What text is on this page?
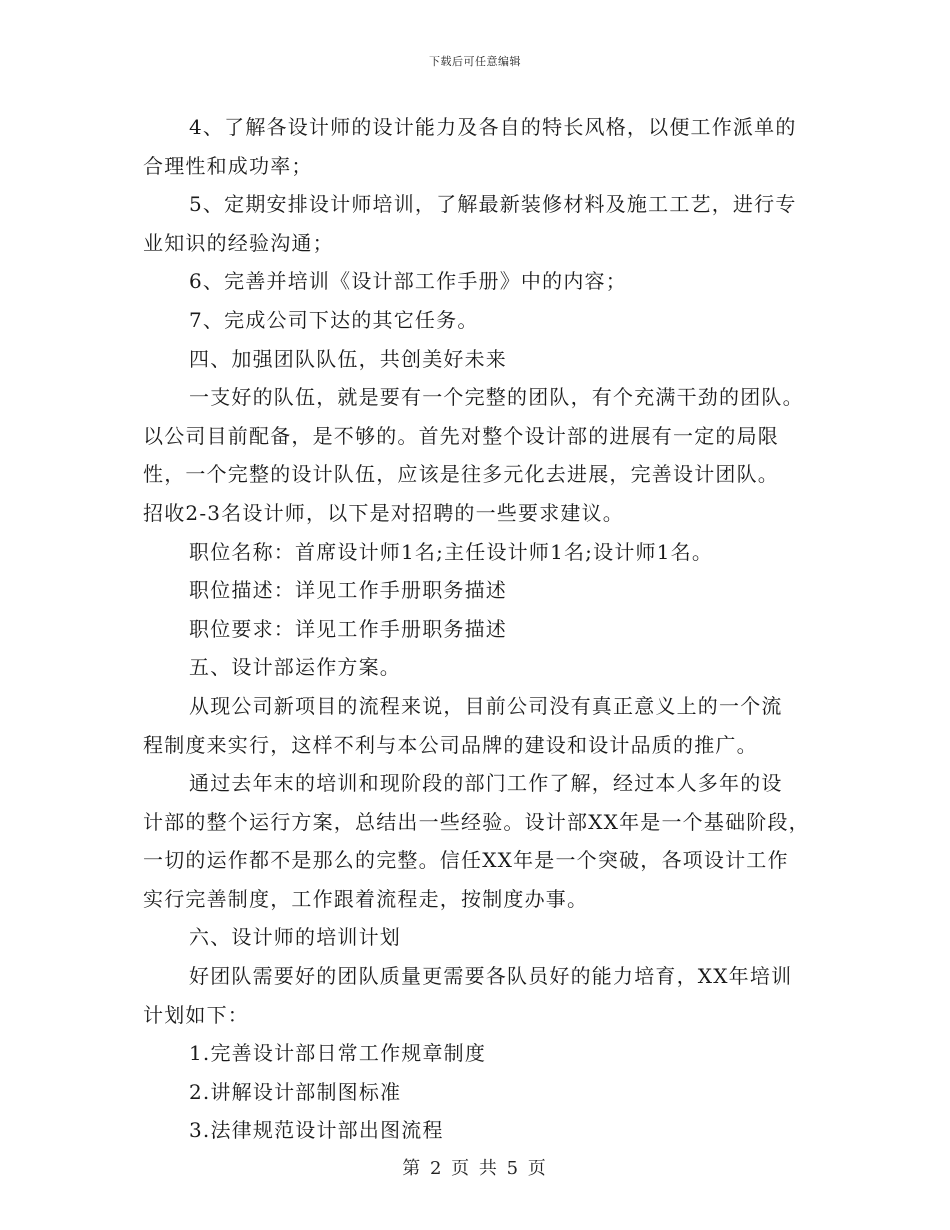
下载后可任意编辑

4、了解各设计师的设计能力及各自的特长风格，以便工作派单的

合理性和成功率；

5、定期安排设计师培训，了解最新装修材料及施工工艺，进行专

业知识的经验沟通；

6、完善并培训《设计部工作手册》中的内容；

7、完成公司下达的其它任务。

四、加强团队队伍，共创美好未来

一支好的队伍，就是要有一个完整的团队，有个充满干劲的团队。

以公司目前配备，是不够的。首先对整个设计部的进展有一定的局限

性，一个完整的设计队伍，应该是往多元化去进展，完善设计团队。

招收2-3名设计师，以下是对招聘的一些要求建议。

职位名称：首席设计师1名;主任设计师1名;设计师1名。

职位描述：详见工作手册职务描述

职位要求：详见工作手册职务描述

五、设计部运作方案。

从现公司新项目的流程来说，目前公司没有真正意义上的一个流

程制度来实行，这样不利与本公司品牌的建设和设计品质的推广。

通过去年末的培训和现阶段的部门工作了解，经过本人多年的设

计部的整个运行方案，总结出一些经验。设计部XX年是一个基础阶段，

一切的运作都不是那么的完整。信任XX年是一个突破，各项设计工作

实行完善制度，工作跟着流程走，按制度办事。

六、设计师的培训计划

好团队需要好的团队质量更需要各队员好的能力培育，XX年培训

计划如下：

1.完善设计部日常工作规章制度

2.讲解设计部制图标准

3.法律规范设计部出图流程

第 2 页 共 5 页
